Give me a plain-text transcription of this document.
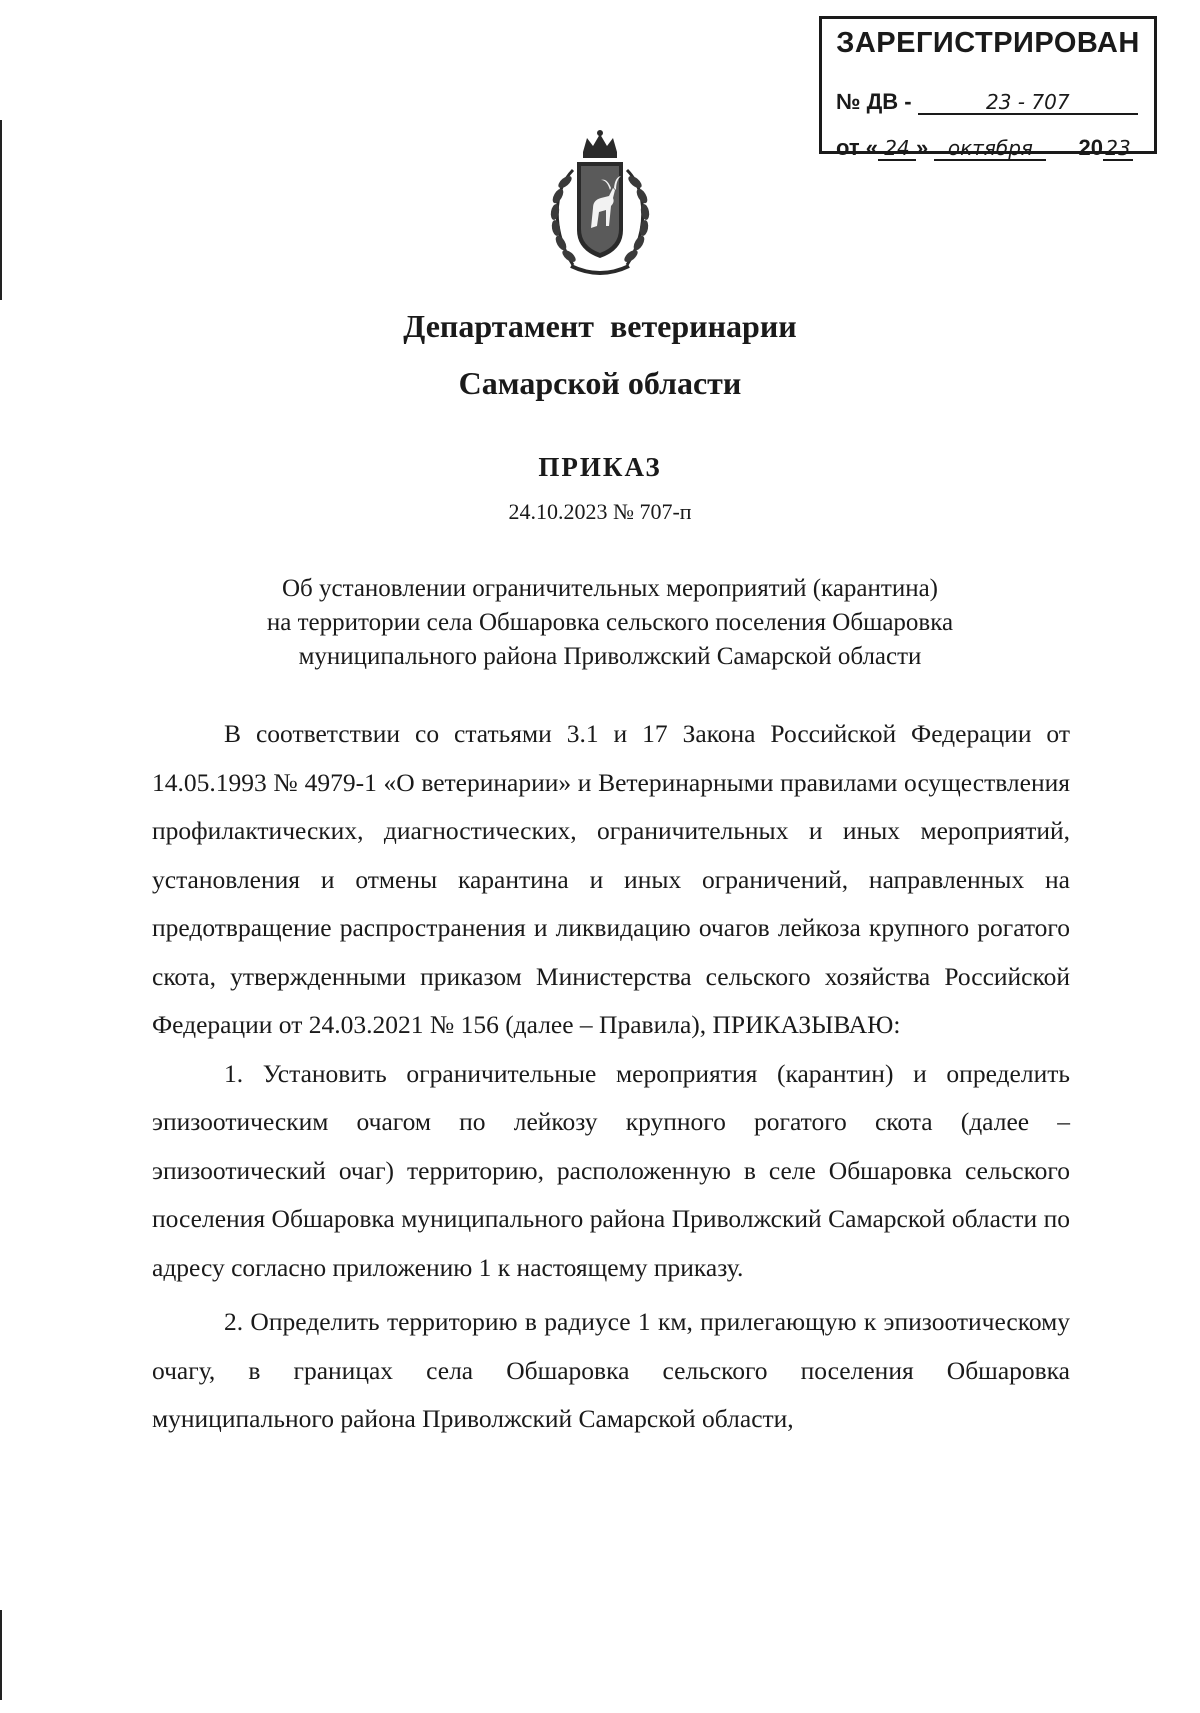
ЗАРЕГИСТРИРОВАН
№ ДВ -	23 - 707
от « 24 » октября 20 23
Департамент ветеринарии
Самарской области
ПРИКАЗ
24.10.2023 № 707-п
Об установлении ограничительных мероприятий (карантина)
на территории села Обшаровка сельского поселения Обшаровка
муниципального района Приволжский Самарской области

В соответствии со статьями 3.1 и 17 Закона Российской Федерации от 14.05.1993 № 4979-1 «О ветеринарии» и Ветеринарными правилами осуществления профилактических, диагностических, ограничительных и иных мероприятий, установления и отмены карантина и иных ограничений, направленных на предотвращение распространения и ликвидацию очагов лейкоза крупного рогатого скота, утвержденными приказом Министерства сельского хозяйства Российской Федерации от 24.03.2021 № 156 (далее – Правила), ПРИКАЗЫВАЮ:

1. Установить ограничительные мероприятия (карантин) и определить эпизоотическим очагом по лейкозу крупного рогатого скота (далее – эпизоотический очаг) территорию, расположенную в селе Обшаровка сельского поселения Обшаровка муниципального района Приволжский Самарской области по адресу согласно приложению 1 к настоящему приказу.

2. Определить территорию в радиусе 1 км, прилегающую к эпизоотическому очагу, в границах села Обшаровка сельского поселения Обшаровка муниципального района Приволжский Самарской области,
